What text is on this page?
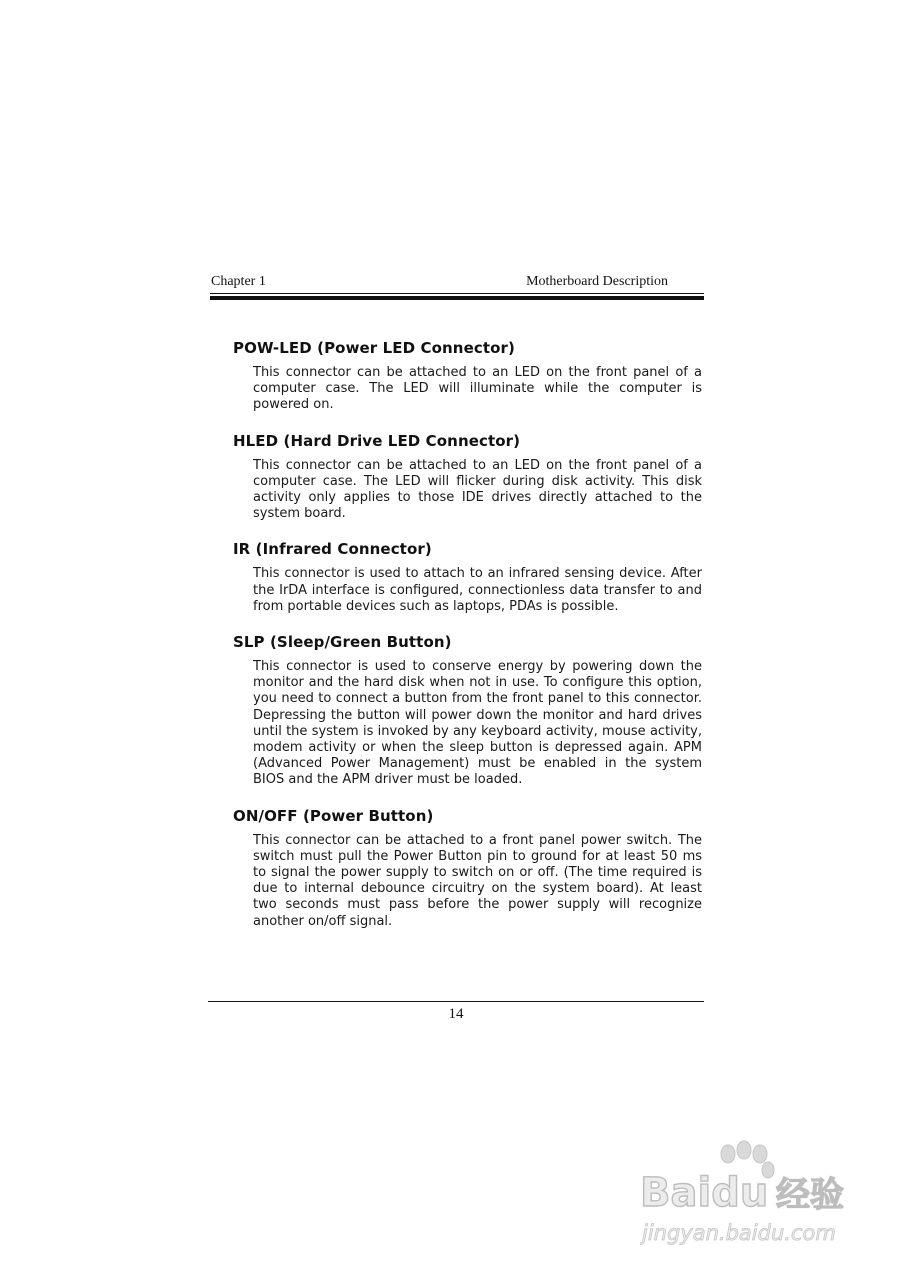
Chapter 1	Motherboard Description
POW-LED (Power LED Connector)

This connector can be attached to an LED on the front panel of a computer case. The LED will illuminate while the computer is powered on.

HLED (Hard Drive LED Connector)

This connector can be attached to an LED on the front panel of a computer case. The LED will flicker during disk activity. This disk activity only applies to those IDE drives directly attached to the system board.

IR (Infrared Connector)

This connector is used to attach to an infrared sensing device. After the IrDA interface is configured, connectionless data transfer to and from portable devices such as laptops, PDAs is possible.

SLP (Sleep/Green Button)

This connector is used to conserve energy by powering down the monitor and the hard disk when not in use. To configure this option, you need to connect a button from the front panel to this connector. Depressing the button will power down the monitor and hard drives until the system is invoked by any keyboard activity, mouse activity, modem activity or when the sleep button is depressed again. APM (Advanced Power Management) must be enabled in the system BIOS and the APM driver must be loaded.

ON/OFF (Power Button)

This connector can be attached to a front panel power switch. The switch must pull the Power Button pin to ground for at least 50 ms to signal the power supply to switch on or off. (The time required is due to internal debounce circuitry on the system board). At least two seconds must pass before the power supply will recognize another on/off signal.

14
Baidu 经验
jingyan.baidu.com
